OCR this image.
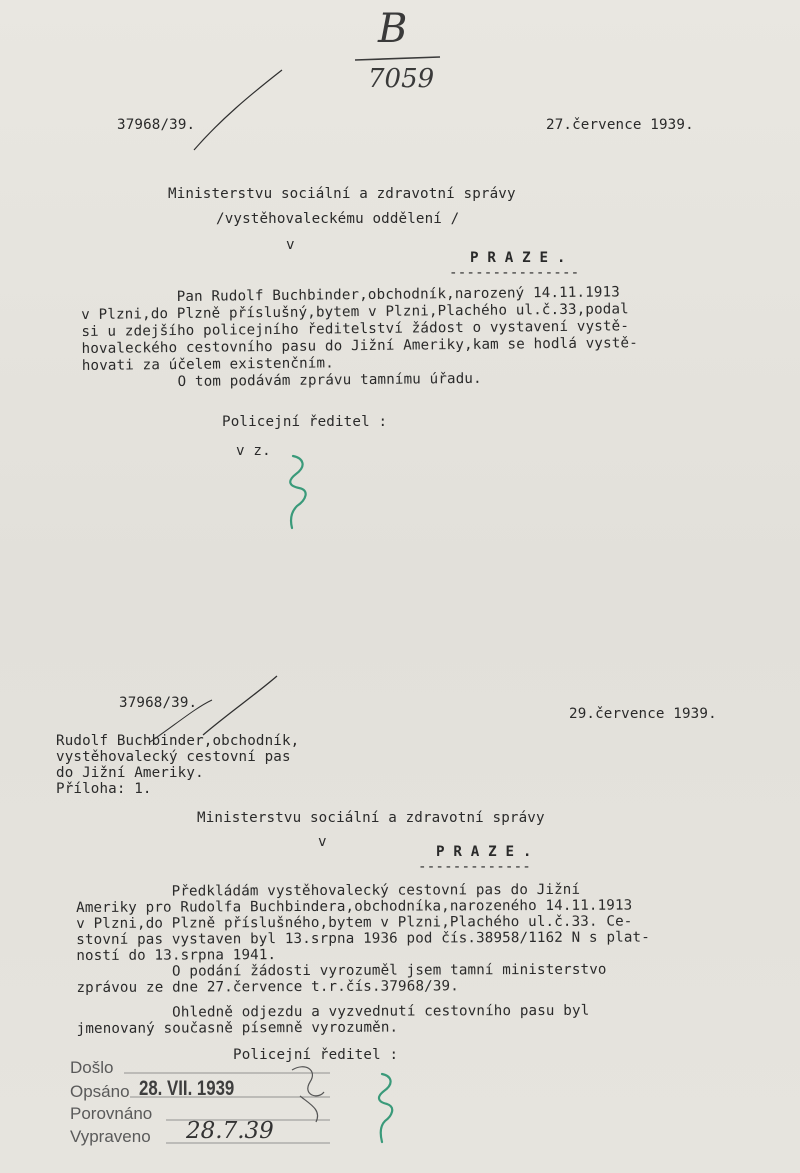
B
7059
37968/39.	27.července 1939.
Ministerstvu sociální a zdravotní správy
/vystěhovaleckému oddělení /
v
P R A Z E .
---------------
Pan Rudolf Buchbinder,obchodník,narozený 14.11.1913
v Plzni,do Plzně příslušný,bytem v Plzni,Plachého ul.č.33,podal
si u zdejšího policejního ředitelství žádost o vystavení vystě-
hovaleckého cestovního pasu do Jižní Ameriky,kam se hodlá vystě-
hovati za účelem existenčním.
O tom podávám zprávu tamnímu úřadu.
Policejní ředitel :
v z.
37968/39.
29.července 1939.
Rudolf Buchbinder,obchodník,
vystěhovalecký cestovní pas
do Jižní Ameriky.
Příloha: 1.
Ministerstvu sociální a zdravotní správy
v
P R A Z E .
-------------
Předkládám vystěhovalecký cestovní pas do Jižní
Ameriky pro Rudolfa Buchbindera,obchodníka,narozeného 14.11.1913
v Plzni,do Plzně příslušného,bytem v Plzni,Plachého ul.č.33. Ce-
stovní pas vystaven byl 13.srpna 1936 pod čís.38958/1162 N s plat-
ností do 13.srpna 1941.
O podání žádosti vyrozuměl jsem tamní ministerstvo
zprávou ze dne 27.července t.r.čís.37968/39.
Ohledně odjezdu a vyzvednutí cestovního pasu byl
jmenovaný současně písemně vyrozuměn.
Policejní ředitel :
Došlo
Opsáno 28. VII. 1939
Porovnáno
Vypraveno 28.7.39
